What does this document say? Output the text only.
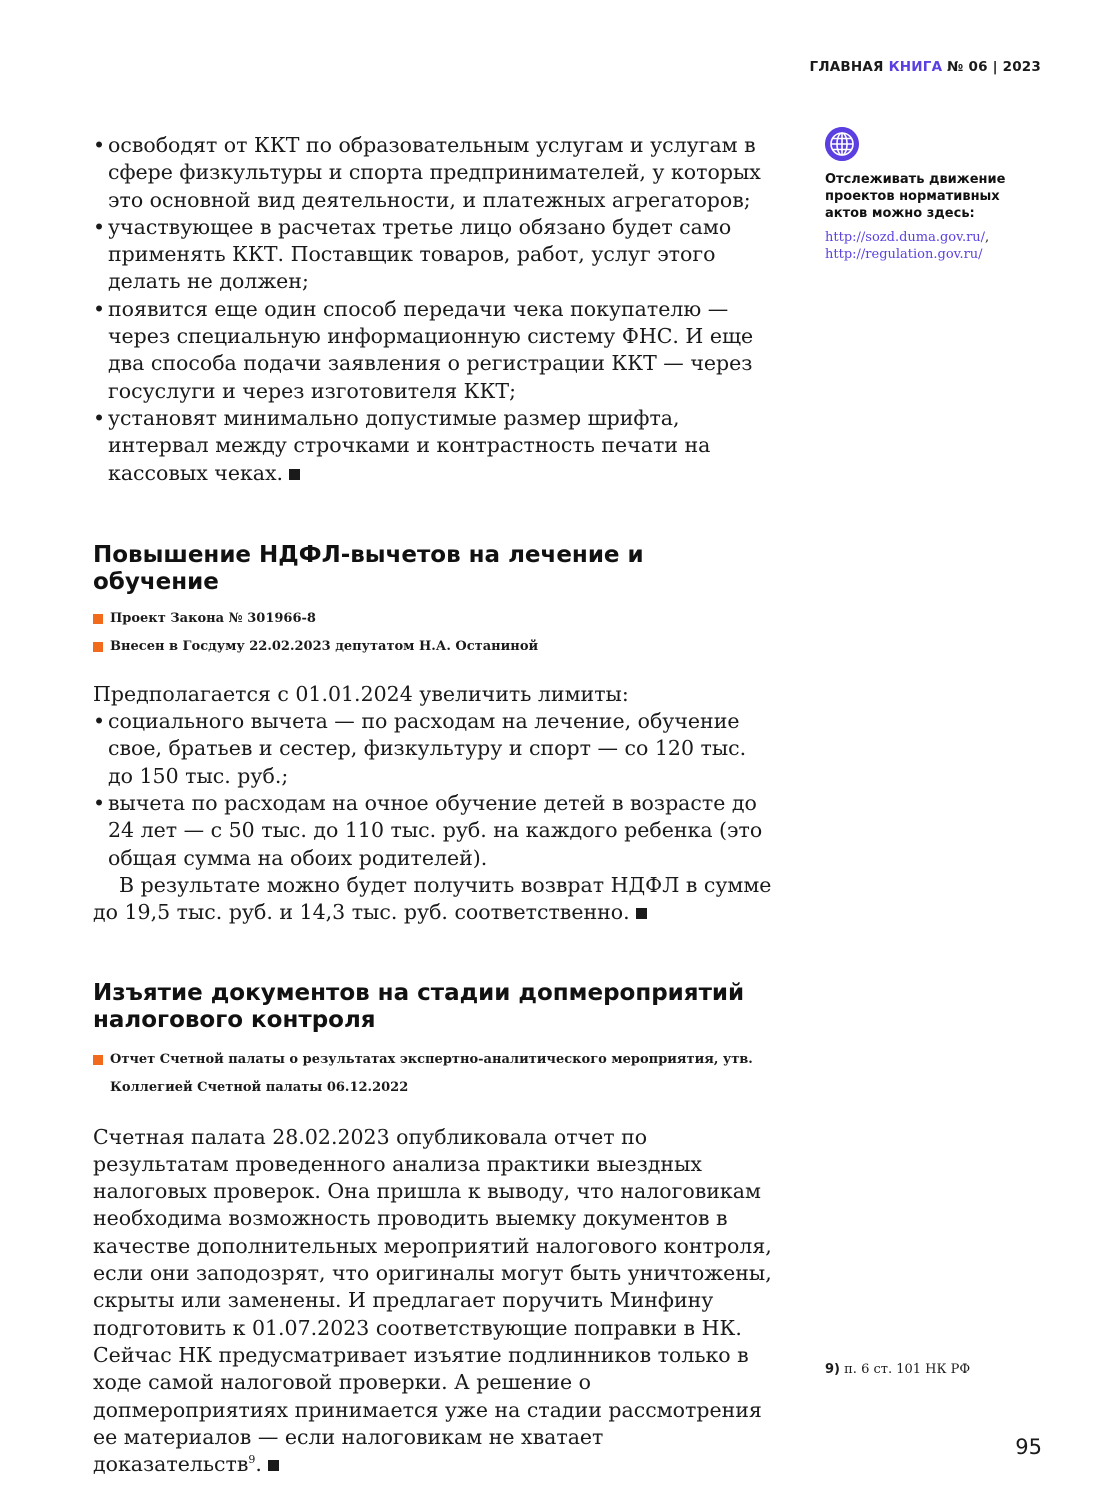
ГЛАВНАЯ КНИГА № 06 | 2023
• освободят от ККТ по образовательным услугам и услугам в сфере физкультуры и спорта предпринимателей, у которых это основной вид деятельности, и платежных агрегаторов;
• участвующее в расчетах третье лицо обязано будет само применять ККТ. Поставщик товаров, работ, услуг этого делать не должен;
• появится еще один способ передачи чека покупателю — через специальную информационную систему ФНС. И еще два способа подачи заявления о регистрации ККТ — через госуслуги и через изготовителя ККТ;
• установят минимально допустимые размер шрифта, интервал между строчками и контрастность печати на кассовых чеках.
Повышение НДФЛ-вычетов на лечение и обучение
Проект Закона № 301966-8
Внесен в Госдуму 22.02.2023 депутатом Н.А. Останиной

Предполагается с 01.01.2024 увеличить лимиты:

• социального вычета — по расходам на лечение, обучение свое, братьев и сестер, физкультуру и спорт — со 120 тыс. до 150 тыс. руб.;
• вычета по расходам на очное обучение детей в возрасте до 24 лет — с 50 тыс. до 110 тыс. руб. на каждого ребенка (это общая сумма на обоих родителей).

В результате можно будет получить возврат НДФЛ в сумме до 19,5 тыс. руб. и 14,3 тыс. руб. соответственно.

Изъятие документов на стадии допмероприятий налогового контроля
Отчет Счетной палаты о результатах экспертно-аналитического мероприятия, утв. Коллегией Счетной палаты 06.12.2022

Счетная палата 28.02.2023 опубликовала отчет по результатам проведенного анализа практики выездных налоговых проверок. Она пришла к выводу, что налоговикам необходима возможность проводить выемку документов в качестве дополнительных мероприятий налогового контроля, если они заподозрят, что оригиналы могут быть уничтожены, скрыты или заменены. И предлагает поручить Минфину подготовить к 01.07.2023 соответствующие поправки в НК. Сейчас НК предусматривает изъятие подлинников только в ходе самой налоговой проверки. А решение о допмероприятиях принимается уже на стадии рассмотрения ее материалов — если налоговикам не хватает доказательств$^9$.

Отслеживать движение проектов нормативных актов можно здесь:
http://sozd.duma.gov.ru/,
http://regulation.gov.ru/
9) п. 6 ст. 101 НК РФ
95
